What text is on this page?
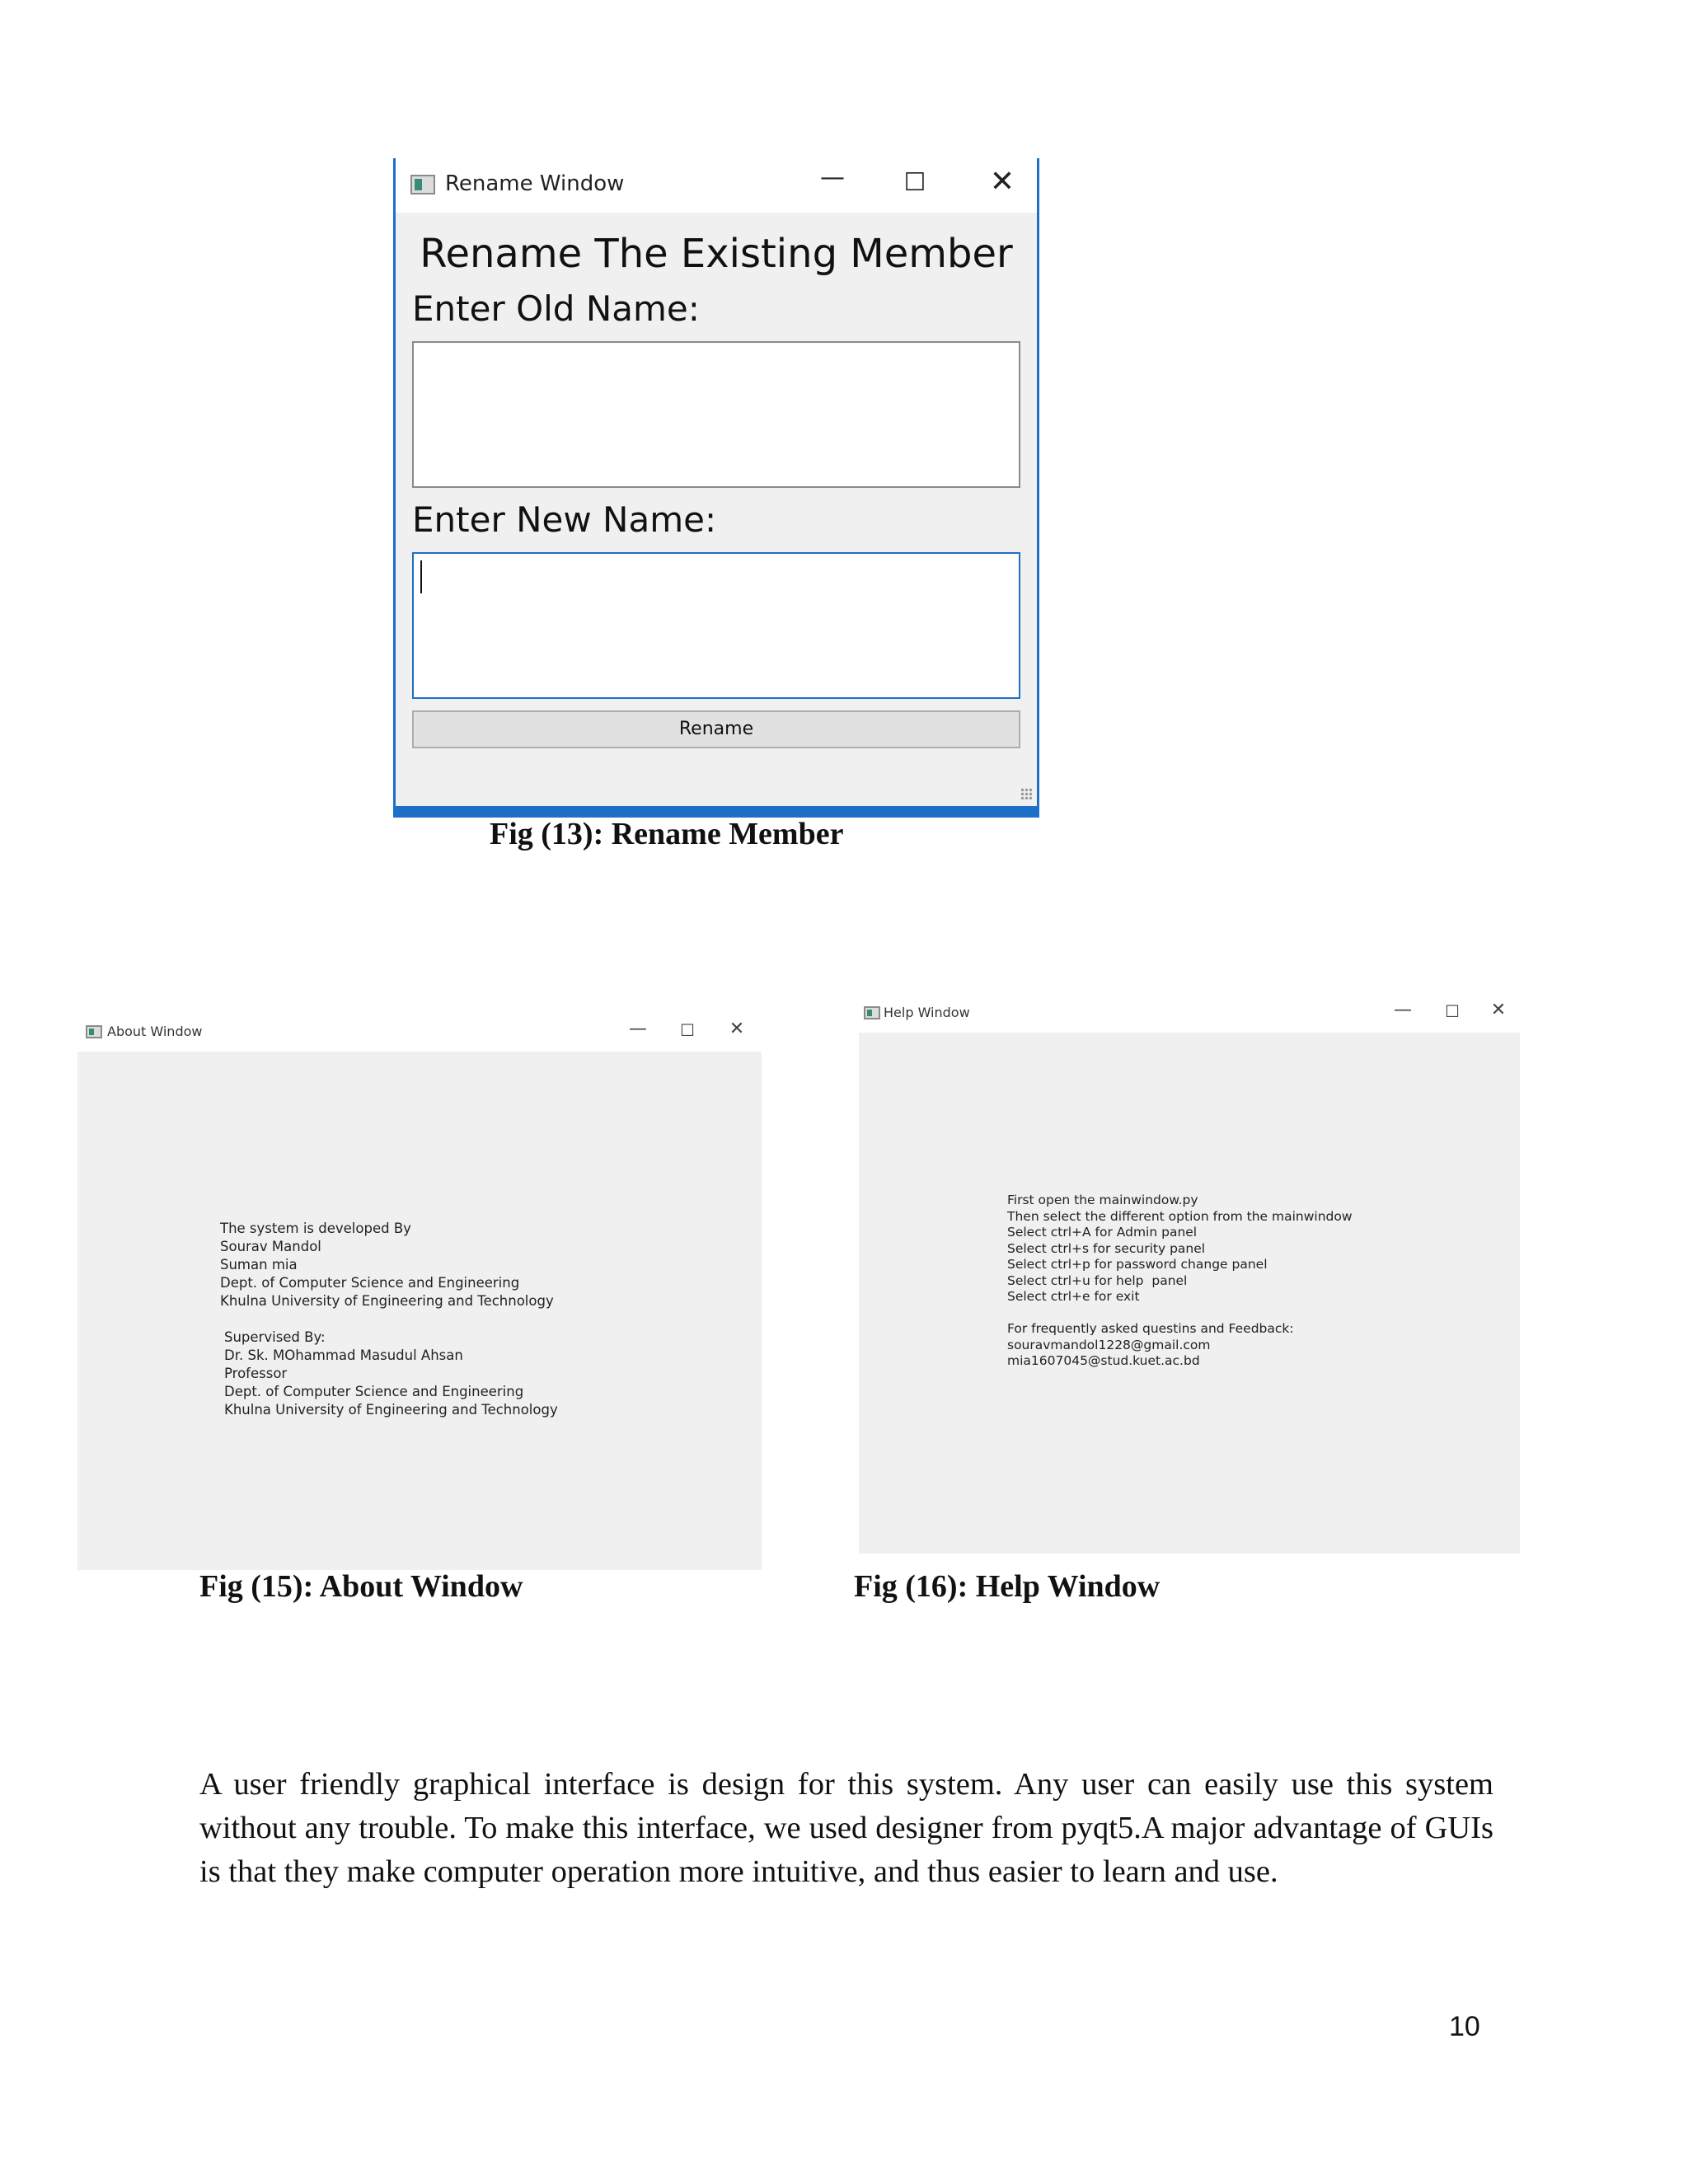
Rename Window	—	☐	✕
Rename The Existing Member
Enter Old Name:
Enter New Name:
Rename
Fig (13): Rename Member
About Window	—	☐	✕
The system is developed By
Sourav Mandol
Suman mia
Dept. of Computer Science and Engineering
Khulna University of Engineering and Technology
Supervised By:
Dr. Sk. MOhammad Masudul Ahsan
Professor
Dept. of Computer Science and Engineering
Khulna University of Engineering and Technology
Help Window	—	☐	✕
First open the mainwindow.py
Then select the different option from the mainwindow
Select ctrl+A for Admin panel
Select ctrl+s for security panel
Select ctrl+p for password change panel
Select ctrl+u for help  panel
Select ctrl+e for exit
For frequently asked questins and Feedback:
souravmandol1228@gmail.com
mia1607045@stud.kuet.ac.bd
Fig (15): About Window	Fig (16): Help Window

A user friendly graphical interface is design for this system. Any user can easily use this system without any trouble. To make this interface, we used designer from pyqt5.A major advantage of GUIs is that they make computer operation more intuitive, and thus easier to learn and use.

10
